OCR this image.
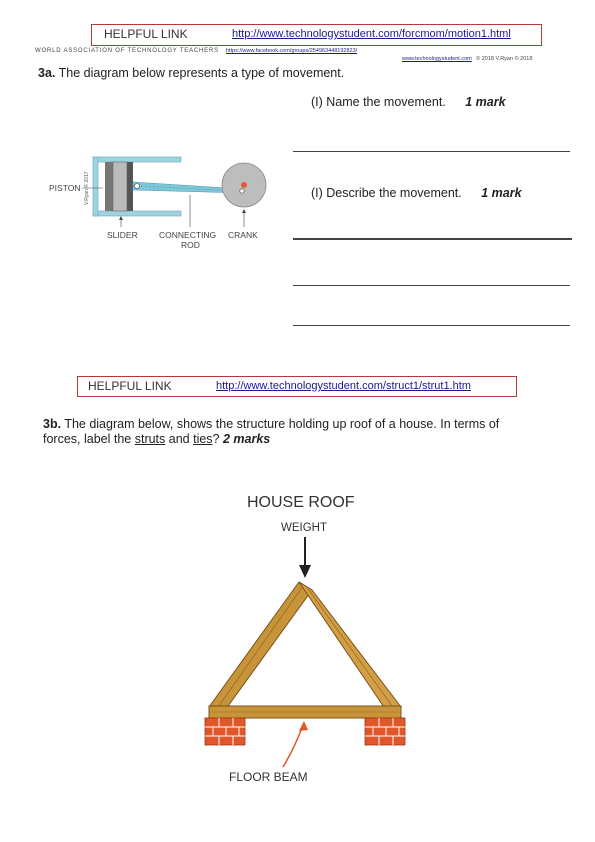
HELPFUL LINK	http://www.technologystudent.com/forcmom/motion1.html
WORLD ASSOCIATION OF TECHNOLOGY TEACHERS https://www.facebook.com/groups/254963448192823/
www.technologystudent.com © 2018 V.Ryan © 2018
3a. The diagram below represents a type of movement.
(I) Name the movement. 1 mark
(I) Describe the movement. 1 mark
PISTON V.Ryan © 2017
SLIDER	CONNECTING
ROD
CRANK
HELPFUL LINK	http://www.technologystudent.com/struct1/strut1.htm
3b. The diagram below, shows the structure holding up roof of a house. In terms of
forces, label the struts and ties? 2 marks
HOUSE ROOF
WEIGHT
FLOOR BEAM
